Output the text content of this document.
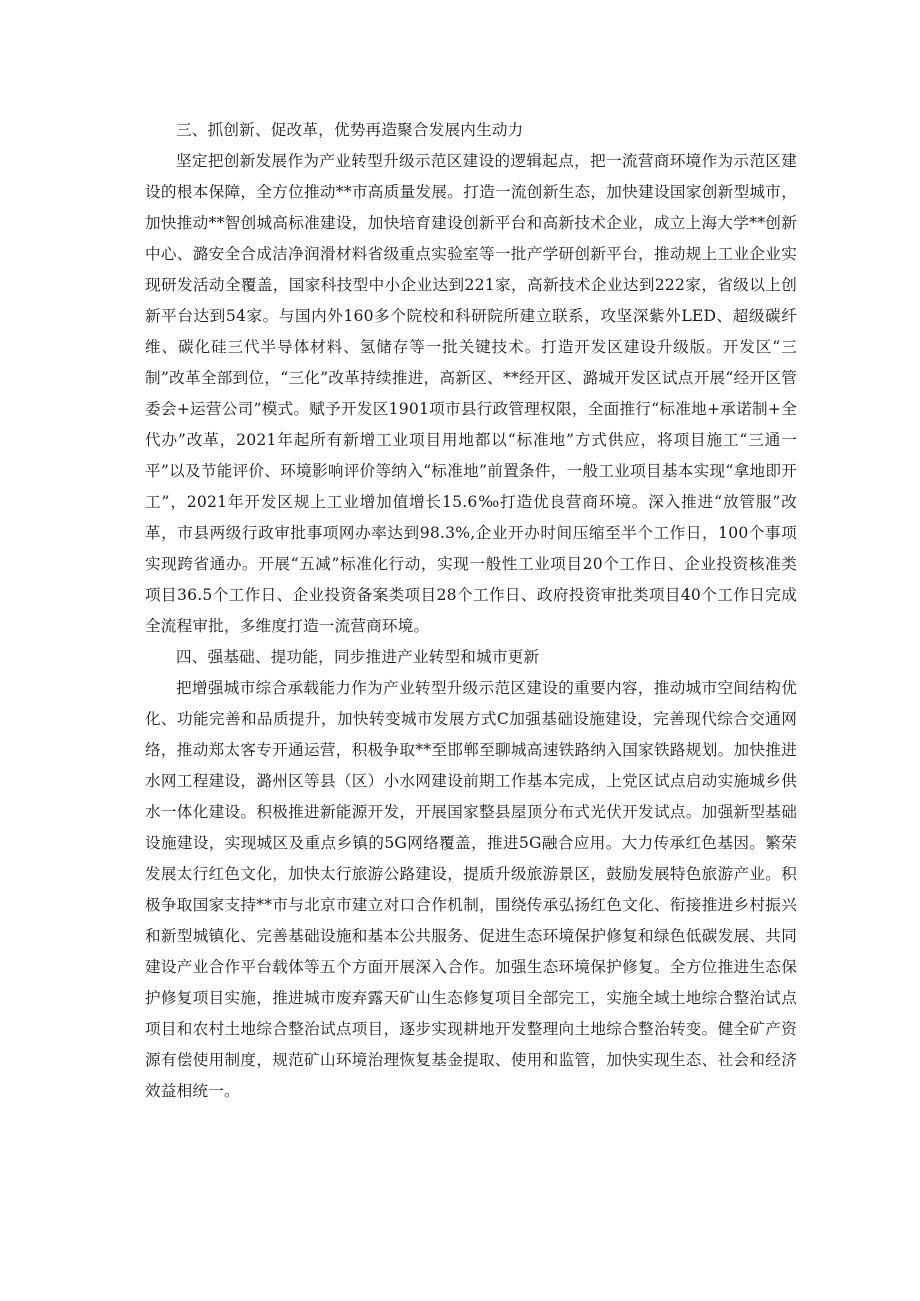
三、抓创新、促改革，优势再造聚合发展内生动力

坚定把创新发展作为产业转型升级示范区建设的逻辑起点，把一流营商环境作为示范区建设的根本保障，全方位推动**市高质量发展。打造一流创新生态，加快建设国家创新型城市，加快推动**智创城高标准建设，加快培育建设创新平台和高新技术企业，成立上海大学**创新中心、潞安全合成洁净润滑材料省级重点实验室等一批产学研创新平台，推动规上工业企业实现研发活动全覆盖，国家科技型中小企业达到221家，高新技术企业达到222家，省级以上创新平台达到54家。与国内外160多个院校和科研院所建立联系，攻坚深紫外LED、超级碳纤维、碳化硅三代半导体材料、氢储存等一批关键技术。打造开发区建设升级版。开发区“三制”改革全部到位，“三化”改革持续推进，高新区、**经开区、潞城开发区试点开展“经开区管委会+运营公司”模式。赋予开发区1901项市县行政管理权限，全面推行“标准地+承诺制+全代办”改革，2021年起所有新增工业项目用地都以“标准地”方式供应，将项目施工“三通一平”以及节能评价、环境影响评价等纳入“标准地”前置条件，一般工业项目基本实现“拿地即开工”，2021年开发区规上工业增加值增长15.6‰打造优良营商环境。深入推进“放管服”改革，市县两级行政审批事项网办率达到98.3%,企业开办时间压缩至半个工作日，100个事项实现跨省通办。开展“五减”标准化行动，实现一般性工业项目20个工作日、企业投资核准类项目36.5个工作日、企业投资备案类项目28个工作日、政府投资审批类项目40个工作日完成全流程审批，多维度打造一流营商环境。

四、强基础、提功能，同步推进产业转型和城市更新

把增强城市综合承载能力作为产业转型升级示范区建设的重要内容，推动城市空间结构优化、功能完善和品质提升，加快转变城市发展方式C加强基础设施建设，完善现代综合交通网络，推动郑太客专开通运营，积极争取**至邯郸至聊城高速铁路纳入国家铁路规划。加快推进水网工程建设，潞州区等县（区）小水网建设前期工作基本完成，上党区试点启动实施城乡供水一体化建设。积极推进新能源开发，开展国家整县屋顶分布式光伏开发试点。加强新型基础设施建设，实现城区及重点乡镇的5G网络覆盖，推进5G融合应用。大力传承红色基因。繁荣发展太行红色文化，加快太行旅游公路建设，提质升级旅游景区，鼓励发展特色旅游产业。积极争取国家支持**市与北京市建立对口合作机制，围绕传承弘扬红色文化、衔接推进乡村振兴和新型城镇化、完善基础设施和基本公共服务、促进生态环境保护修复和绿色低碳发展、共同建设产业合作平台载体等五个方面开展深入合作。加强生态环境保护修复。全方位推进生态保护修复项目实施，推进城市废弃露天矿山生态修复项目全部完工，实施全域土地综合整治试点项目和农村土地综合整治试点项目，逐步实现耕地开发整理向土地综合整治转变。健全矿产资源有偿使用制度，规范矿山环境治理恢复基金提取、使用和监管，加快实现生态、社会和经济效益相统一。
